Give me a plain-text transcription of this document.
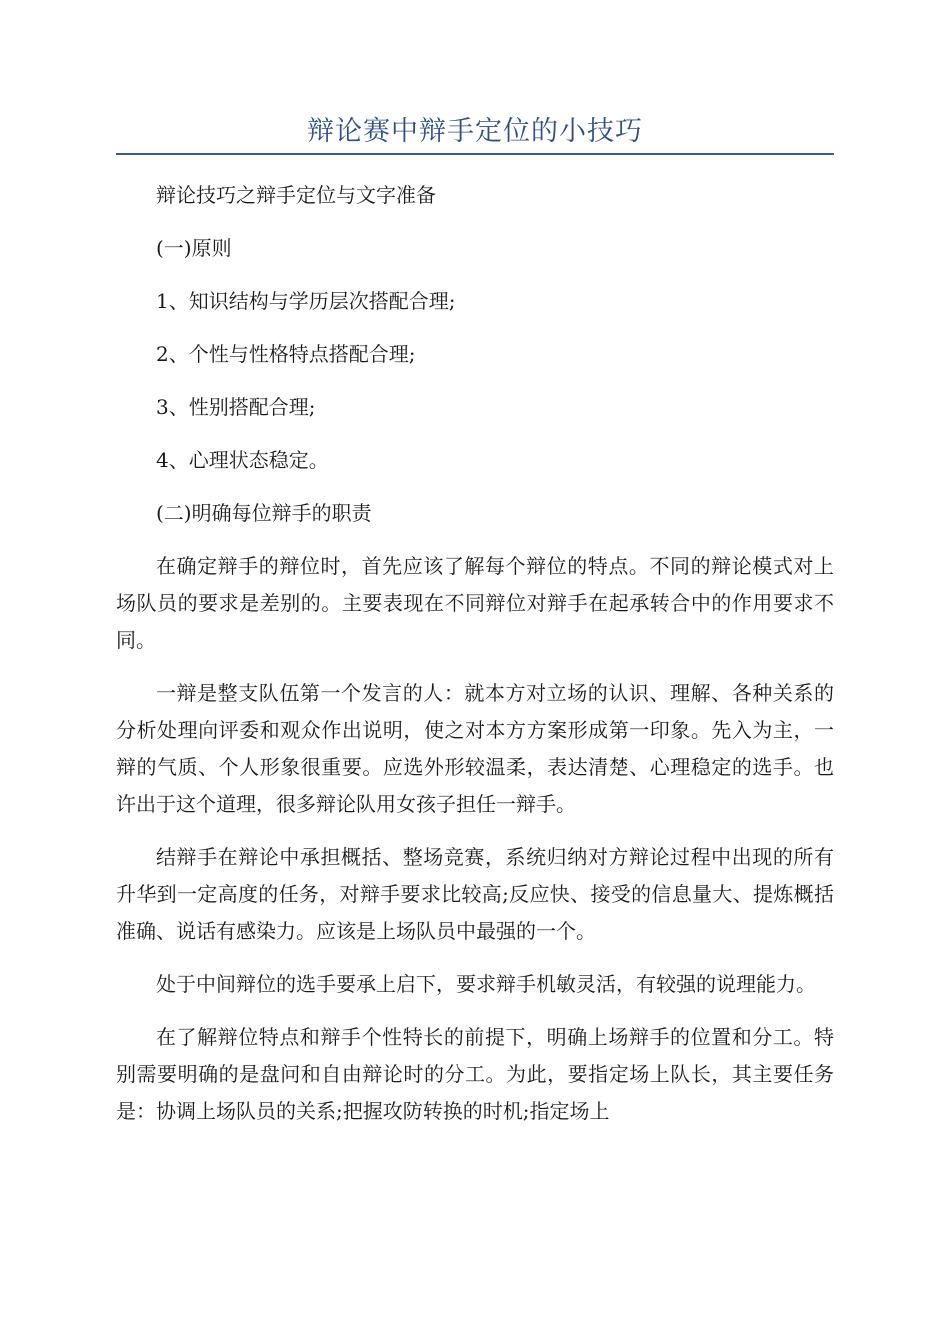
辩论赛中辩手定位的小技巧

辩论技巧之辩手定位与文字准备

(一)原则

1、知识结构与学历层次搭配合理;

2、个性与性格特点搭配合理;

3、性别搭配合理;

4、心理状态稳定。

(二)明确每位辩手的职责

在确定辩手的辩位时，首先应该了解每个辩位的特点。不同的辩论模式对上场队员的要求是差别的。主要表现在不同辩位对辩手在起承转合中的作用要求不同。

一辩是整支队伍第一个发言的人：就本方对立场的认识、理解、各种关系的分析处理向评委和观众作出说明，使之对本方方案形成第一印象。先入为主，一辩的气质、个人形象很重要。应选外形较温柔，表达清楚、心理稳定的选手。也许出于这个道理，很多辩论队用女孩子担任一辩手。

结辩手在辩论中承担概括、整场竞赛，系统归纳对方辩论过程中出现的所有升华到一定高度的任务，对辩手要求比较高;反应快、接受的信息量大、提炼概括准确、说话有感染力。应该是上场队员中最强的一个。

处于中间辩位的选手要承上启下，要求辩手机敏灵活，有较强的说理能力。

在了解辩位特点和辩手个性特长的前提下，明确上场辩手的位置和分工。特别需要明确的是盘问和自由辩论时的分工。为此，要指定场上队长，其主要任务是：协调上场队员的关系;把握攻防转换的时机;指定场上
